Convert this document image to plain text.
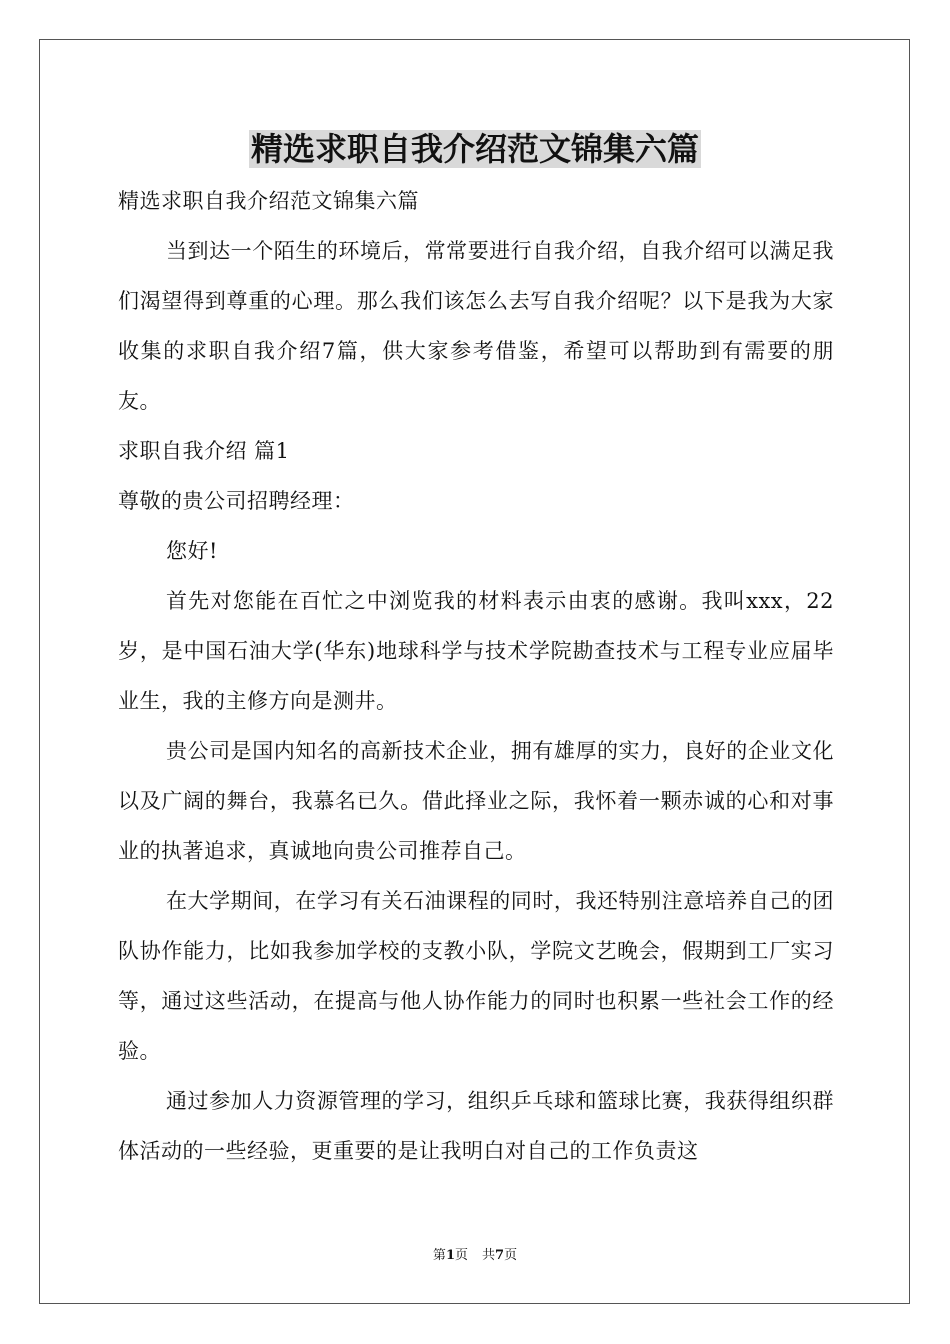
精选求职自我介绍范文锦集六篇

精选求职自我介绍范文锦集六篇

当到达一个陌生的环境后，常常要进行自我介绍，自我介绍可以满足我们渴望得到尊重的心理。那么我们该怎么去写自我介绍呢？以下是我为大家收集的求职自我介绍7篇，供大家参考借鉴，希望可以帮助到有需要的朋友。

求职自我介绍 篇1

尊敬的贵公司招聘经理：

您好!

首先对您能在百忙之中浏览我的材料表示由衷的感谢。我叫xxx，22岁，是中国石油大学(华东)地球科学与技术学院勘查技术与工程专业应届毕业生，我的主修方向是测井。

贵公司是国内知名的高新技术企业，拥有雄厚的实力，良好的企业文化以及广阔的舞台，我慕名已久。借此择业之际，我怀着一颗赤诚的心和对事业的执著追求，真诚地向贵公司推荐自己。

在大学期间，在学习有关石油课程的同时，我还特别注意培养自己的团队协作能力，比如我参加学校的支教小队，学院文艺晚会，假期到工厂实习等，通过这些活动，在提高与他人协作能力的同时也积累一些社会工作的经验。

通过参加人力资源管理的学习，组织乒乓球和篮球比赛，我获得组织群体活动的一些经验，更重要的是让我明白对自己的工作负责这

第1页 共7页
